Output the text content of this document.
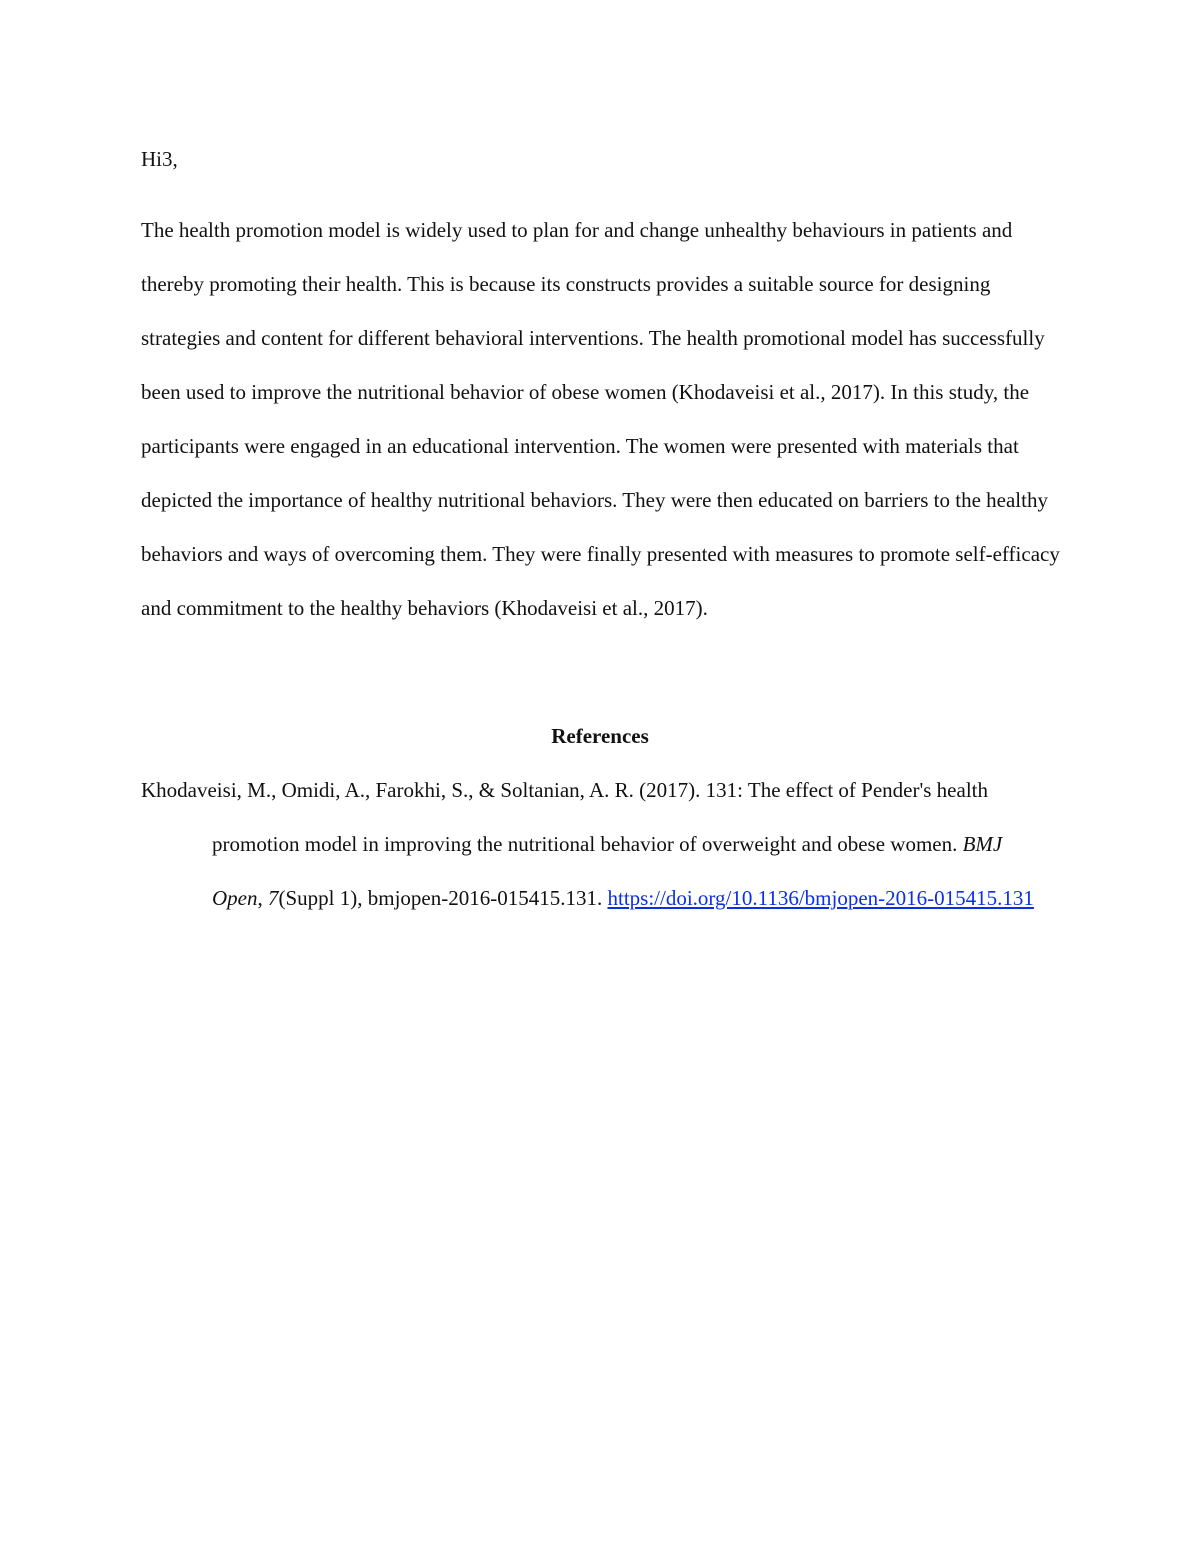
Hi3,

The health promotion model is widely used to plan for and change unhealthy behaviours in patients and thereby promoting their health. This is because its constructs provides a suitable source for designing strategies and content for different behavioral interventions. The health promotional model has successfully been used to improve the nutritional behavior of obese women (Khodaveisi et al., 2017). In this study, the participants were engaged in an educational intervention. The women were presented with materials that depicted the importance of healthy nutritional behaviors. They were then educated on barriers to the healthy behaviors and ways of overcoming them. They were finally presented with measures to promote self-efficacy and commitment to the healthy behaviors (Khodaveisi et al., 2017).

References

Khodaveisi, M., Omidi, A., Farokhi, S., & Soltanian, A. R. (2017). 131: The effect of Pender's health promotion model in improving the nutritional behavior of overweight and obese women. BMJ Open, 7(Suppl 1), bmjopen-2016-015415.131. https://doi.org/10.1136/bmjopen-2016-015415.131
